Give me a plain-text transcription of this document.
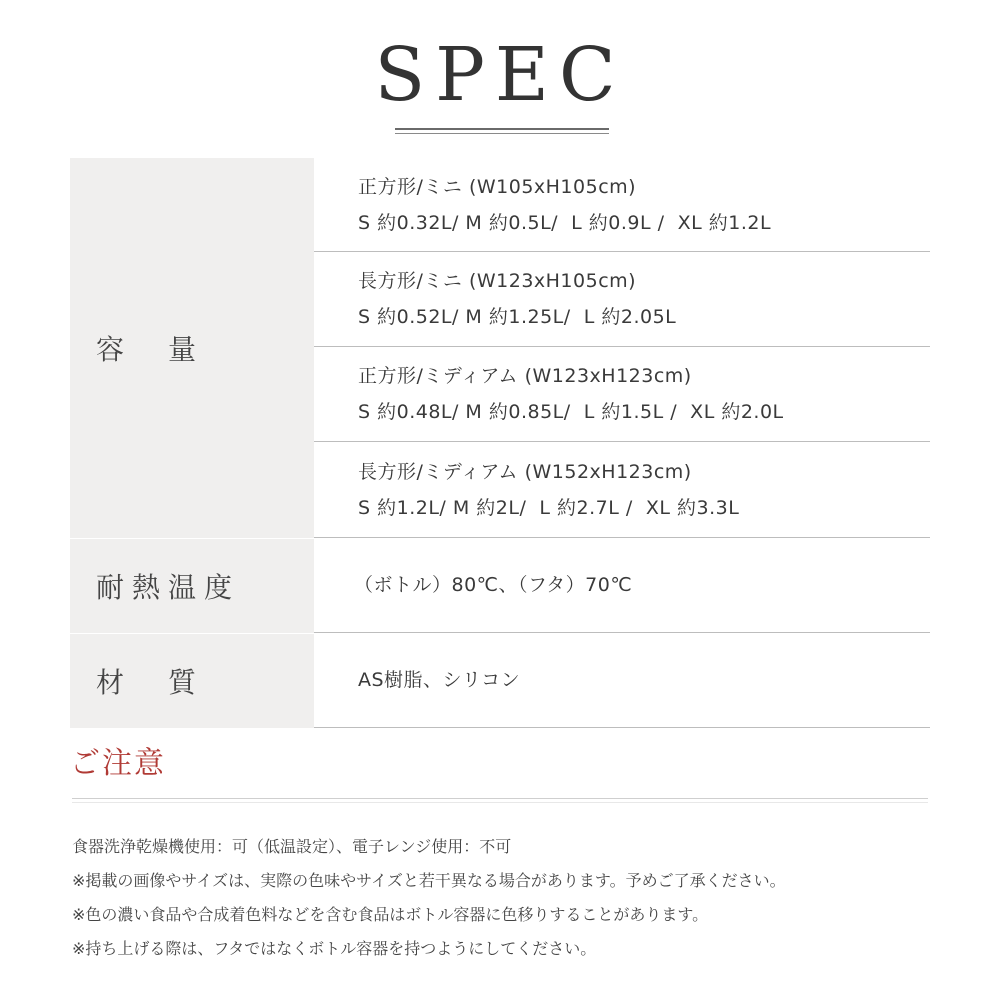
SPEC
容　量
正方形/ミニ (W105xH105cm)
S 約0.32L/ M 約0.5L/  L 約0.9L /  XL 約1.2L
長方形/ミニ (W123xH105cm)
S 約0.52L/ M 約1.25L/  L 約2.05L
正方形/ミディアム (W123xH123cm)
S 約0.48L/ M 約0.85L/  L 約1.5L /  XL 約2.0L
長方形/ミディアム (W152xH123cm)
S 約1.2L/ M 約2L/  L 約2.7L /  XL 約3.3L
耐熱温度	（ボトル）80℃、（フタ）70℃
材　質	AS樹脂、シリコン
ご注意
食器洗浄乾燥機使用：可（低温設定）、電子レンジ使用：不可
※掲載の画像やサイズは、実際の色味やサイズと若干異なる場合があります。予めご了承ください。
※色の濃い食品や合成着色料などを含む食品はボトル容器に色移りすることがあります。
※持ち上げる際は、フタではなくボトル容器を持つようにしてください。
